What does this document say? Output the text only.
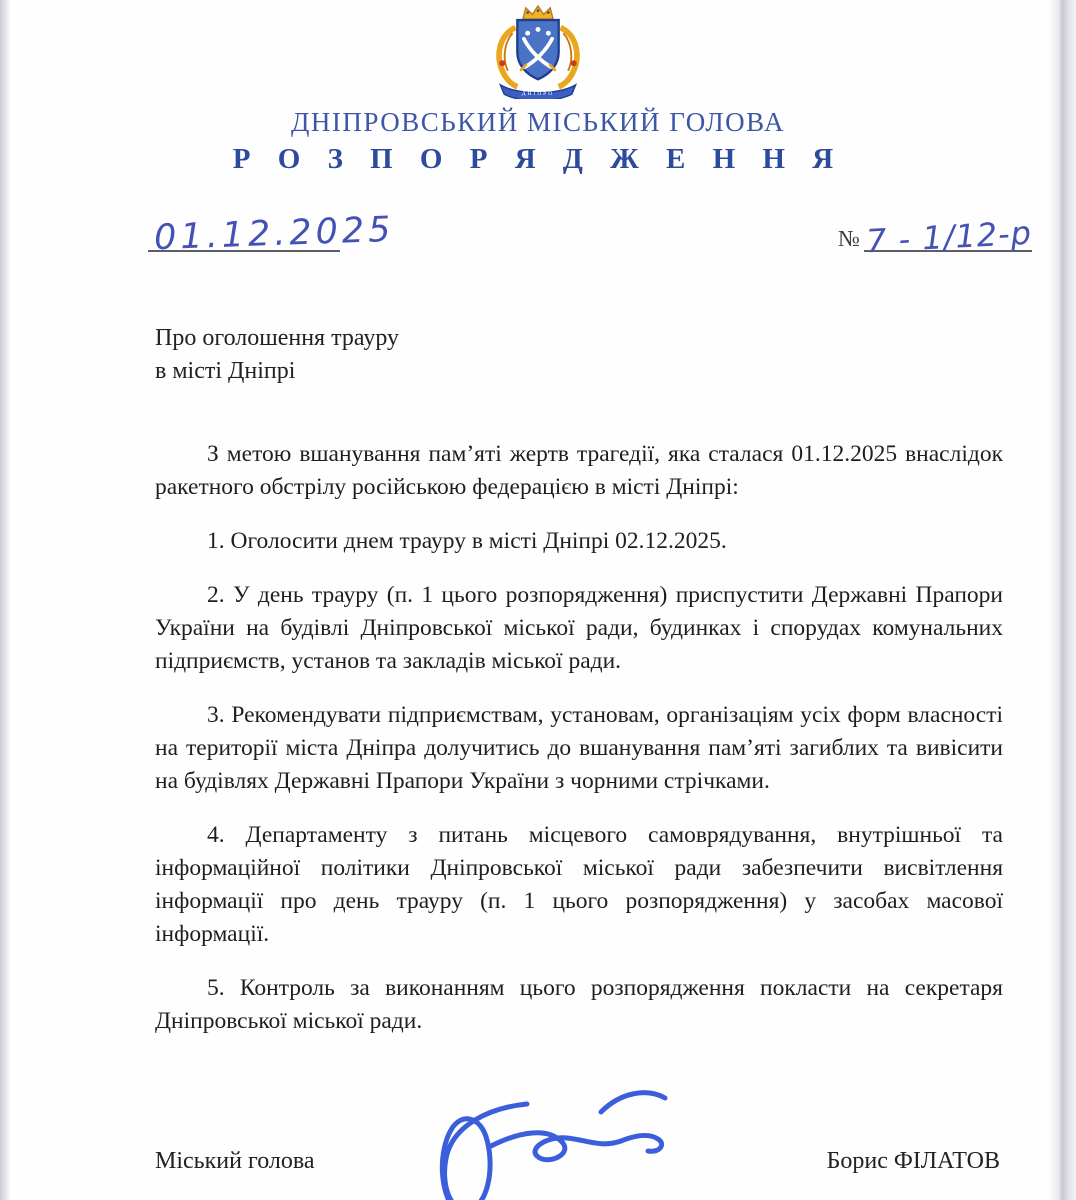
ДНІПРО
ДНІПРОВСЬКИЙ МІСЬКИЙ ГОЛОВА
Р О З П О Р Я Д Ж Е Н Н Я
01.12.2025	№ 7 - 1/12-р
Про оголошення трауру
в місті Дніпрі

З метою вшанування пам’яті жертв трагедії, яка сталася 01.12.2025 внаслідок ракетного обстрілу російською федерацією в місті Дніпрі:

1. Оголосити днем трауру в місті Дніпрі 02.12.2025.

2. У день трауру (п. 1 цього розпорядження) приспустити Державні Прапори України на будівлі Дніпровської міської ради, будинках і спорудах комунальних підприємств, установ та закладів міської ради.

3. Рекомендувати підприємствам, установам, організаціям усіх форм власності на території міста Дніпра долучитись до вшанування пам’яті загиблих та вивісити на будівлях Державні Прапори України з чорними стрічками.

4. Департаменту з питань місцевого самоврядування, внутрішньої та інформаційної політики Дніпровської міської ради забезпечити висвітлення інформації про день трауру (п. 1 цього розпорядження) у засобах масової інформації.

5. Контроль за виконанням цього розпорядження покласти на секретаря Дніпровської міської ради.

Міський голова	Борис ФІЛАТОВ
